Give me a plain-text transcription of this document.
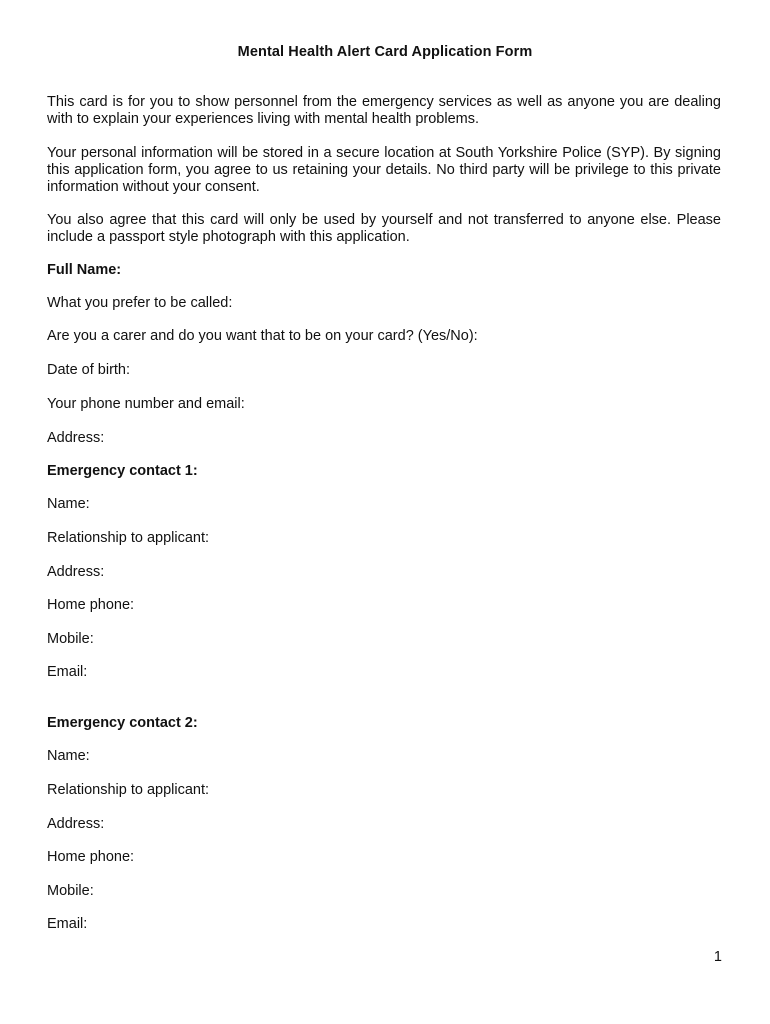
Mental Health Alert Card Application Form
This card is for you to show personnel from the emergency services as well as anyone you are dealing with to explain your experiences living with mental health problems.
Your personal information will be stored in a secure location at South Yorkshire Police (SYP). By signing this application form, you agree to us retaining your details. No third party will be privilege to this private information without your consent.
You also agree that this card will only be used by yourself and not transferred to anyone else. Please include a passport style photograph with this application.
Full Name:
What you prefer to be called:
Are you a carer and do you want that to be on your card? (Yes/No):
Date of birth:
Your phone number and email:
Address:
Emergency contact 1:
Name:
Relationship to applicant:
Address:
Home phone:
Mobile:
Email:
Emergency contact 2:
Name:
Relationship to applicant:
Address:
Home phone:
Mobile:
Email:
1
